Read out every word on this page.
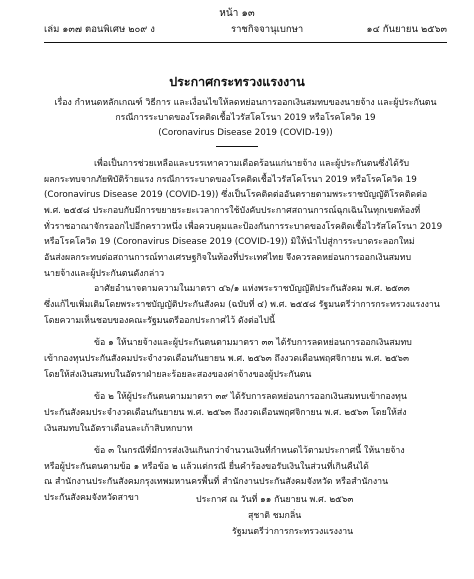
หน้า ๑๓
เล่ม ๑๓๗ ตอนพิเศษ ๒๐๙ ง	ราชกิจจานุเบกษา	๑๔ กันยายน ๒๕๖๓
ประกาศกระทรวงแรงงาน

เรื่อง กำหนดหลักเกณฑ์ วิธีการ และเงื่อนไขให้ลดหย่อนการออกเงินสมทบของนายจ้าง และผู้ประกันตน

กรณีการระบาดของโรคติดเชื้อไวรัสโคโรนา 2019 หรือโรคโควิด 19

(Coronavirus Disease 2019 (COVID-19))

เพื่อเป็นการช่วยเหลือและบรรเทาความเดือดร้อนแก่นายจ้าง และผู้ประกันตนซึ่งได้รับ

ผลกระทบจากภัยพิบัติร้ายแรง กรณีการระบาดของโรคติดเชื้อไวรัสโคโรนา 2019 หรือโรคโควิด 19

(Coronavirus Disease 2019 (COVID-19)) ซึ่งเป็นโรคติดต่ออันตรายตามพระราชบัญญัติโรคติดต่อ

พ.ศ. ๒๕๕๘ ประกอบกับมีการขยายระยะเวลาการใช้บังคับประกาศสถานการณ์ฉุกเฉินในทุกเขตท้องที่

ทั่วราชอาณาจักรออกไปอีกคราวหนึ่ง เพื่อควบคุมและป้องกันการระบาดของโรคติดเชื้อไวรัสโคโรนา 2019

หรือโรคโควิด 19 (Coronavirus Disease 2019 (COVID-19)) มิให้นำไปสู่การระบาดระลอกใหม่

อันส่งผลกระทบต่อสถานการณ์ทางเศรษฐกิจในท้องที่ประเทศไทย จึงควรลดหย่อนการออกเงินสมทบ

นายจ้างและผู้ประกันตนดังกล่าว

อาศัยอำนาจตามความในมาตรา ๔๖/๑ แห่งพระราชบัญญัติประกันสังคม พ.ศ. ๒๕๓๓

ซึ่งแก้ไขเพิ่มเติมโดยพระราชบัญญัติประกันสังคม (ฉบับที่ ๔) พ.ศ. ๒๕๕๘ รัฐมนตรีว่าการกระทรวงแรงงาน

โดยความเห็นชอบของคณะรัฐมนตรีออกประกาศไว้ ดังต่อไปนี้

ข้อ ๑ ให้นายจ้างและผู้ประกันตนตามมาตรา ๓๓ ได้รับการลดหย่อนการออกเงินสมทบ

เข้ากองทุนประกันสังคมประจำงวดเดือนกันยายน พ.ศ. ๒๕๖๓ ถึงงวดเดือนพฤศจิกายน พ.ศ. ๒๕๖๓

โดยให้ส่งเงินสมทบในอัตราฝ่ายละร้อยละสองของค่าจ้างของผู้ประกันตน

ข้อ ๒ ให้ผู้ประกันตนตามมาตรา ๓๙ ได้รับการลดหย่อนการออกเงินสมทบเข้ากองทุน

ประกันสังคมประจำงวดเดือนกันยายน พ.ศ. ๒๕๖๓ ถึงงวดเดือนพฤศจิกายน พ.ศ. ๒๕๖๓ โดยให้ส่ง

เงินสมทบในอัตราเดือนละเก้าสิบหกบาท

ข้อ ๓ ในกรณีที่มีการส่งเงินเกินกว่าจำนวนเงินที่กำหนดไว้ตามประกาศนี้ ให้นายจ้าง

หรือผู้ประกันตนตามข้อ ๑ หรือข้อ ๒ แล้วแต่กรณี ยื่นคำร้องขอรับเงินในส่วนที่เกินคืนได้

ณ สำนักงานประกันสังคมกรุงเทพมหานครพื้นที่ สำนักงานประกันสังคมจังหวัด หรือสำนักงาน

ประกันสังคมจังหวัดสาขา	ประกาศ ณ วันที่ ๑๑ กันยายน พ.ศ. ๒๕๖๓

สุชาติ ชมกลิ่น

รัฐมนตรีว่าการกระทรวงแรงงาน
